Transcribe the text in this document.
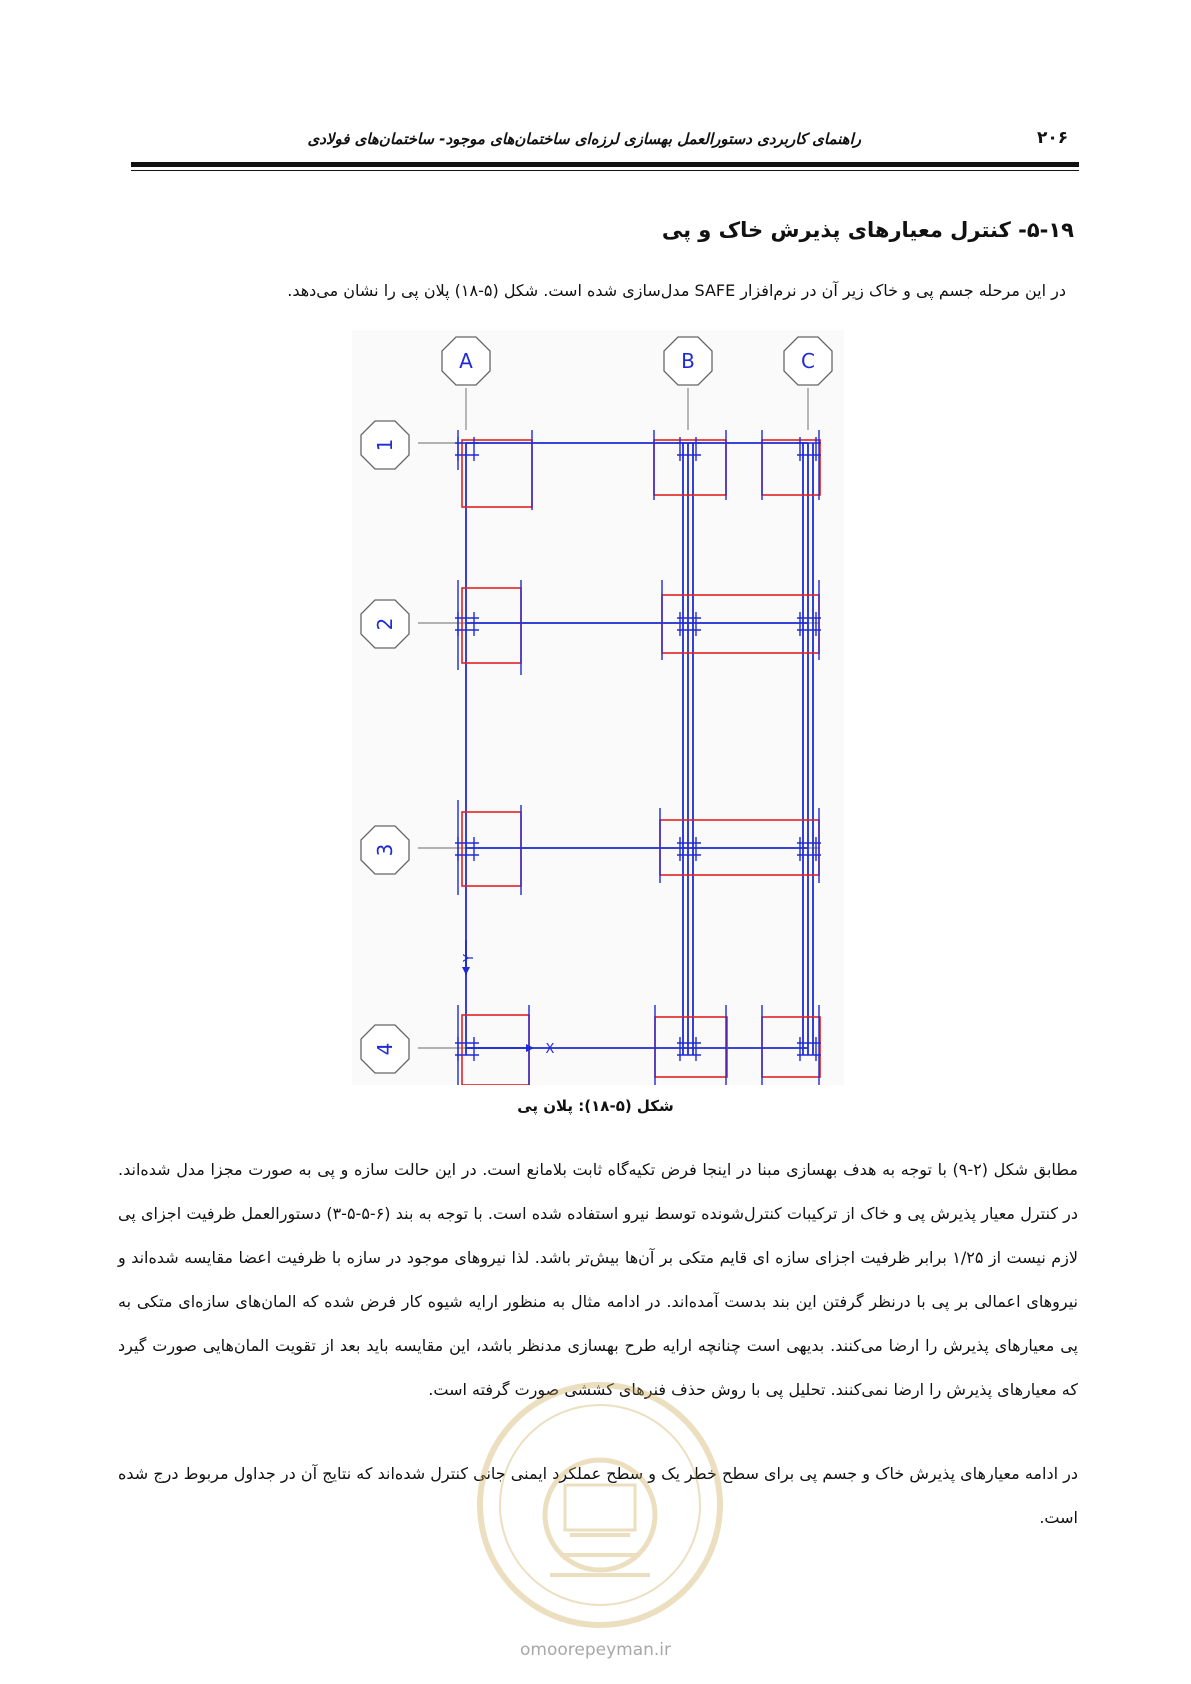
راهنمای کاربردی دستورالعمل بهسازی لرزه‌ای ساختمان‌های موجود- ساختمان‌های فولادی	۲۰۶
۵-۱۹- کنترل معیارهای پذیرش خاک و پی
در این مرحله جسم پی و خاک زیر آن در نرم‌افزار SAFE مدل‌سازی شده است. شکل (۵-۱۸) پلان پی را نشان می‌دهد.
A	B	C
1
2
3
4	X
Y
شکل (۵-۱۸): پلان پی
مطابق شکل (۲-۹) با توجه به هدف بهسازی مبنا در اینجا فرض تکیه‌گاه ثابت بلامانع است. در این حالت سازه و پی به صورت مجزا مدل شده‌اند. در کنترل معیار پذیرش پی و خاک از ترکیبات کنترل‌شونده توسط نیرو استفاده شده است. با توجه به بند (۶-۵-۵-۳) دستورالعمل ظرفیت اجزای پی لازم نیست از ۱/۲۵ برابر ظرفیت اجزای سازه ای قایم متکی بر آن‌ها بیش‌تر باشد. لذا نیروهای موجود در سازه با ظرفیت اعضا مقایسه شده‌اند و نیروهای اعمالی بر پی با درنظر گرفتن این بند بدست آمده‌اند. در ادامه مثال به منظور ارایه شیوه کار فرض شده که المان‌های سازه‌ای متکی به پی معیارهای پذیرش را ارضا می‌کنند. بدیهی است چنانچه ارایه طرح بهسازی مدنظر باشد، این مقایسه باید بعد از تقویت المان‌هایی صورت گیرد که معیارهای پذیرش را ارضا نمی‌کنند. تحلیل پی با روش حذف فنرهای کششی صورت گرفته است.
در ادامه معیارهای پذیرش خاک و جسم پی برای سطح خطر یک و سطح عملکرد ایمنی جانی کنترل شده‌اند که نتایج آن در جداول مربوط درج شده است.
omoorepeyman.ir
